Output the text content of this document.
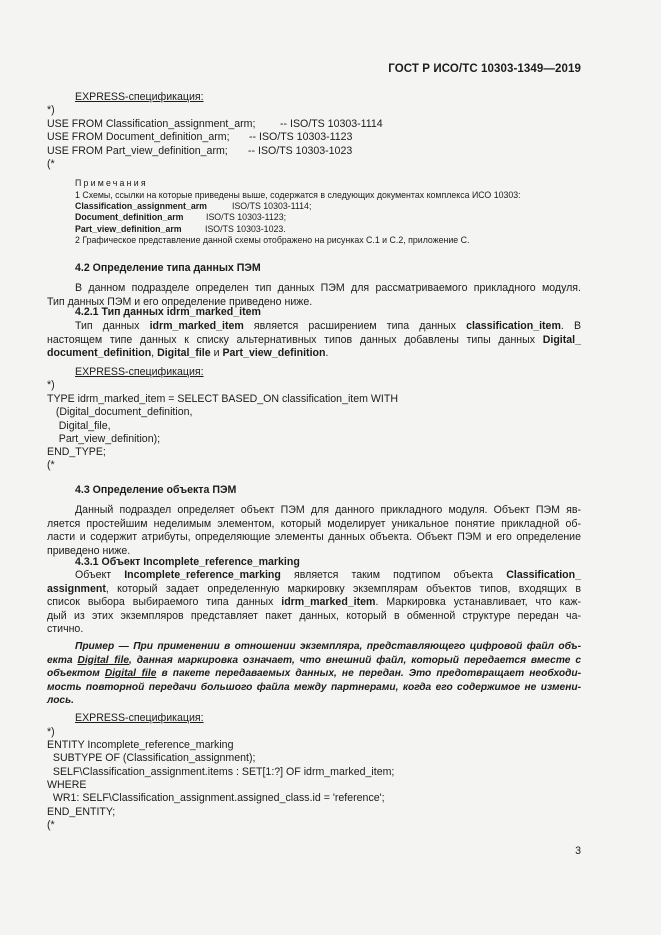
ГОСТ Р ИСО/ТС 10303-1349—2019
EXPRESS-спецификация:
*)
USE FROM Classification_assignment_arm; -- ISO/TS 10303-1114
USE FROM Document_definition_arm; -- ISO/TS 10303-1123
USE FROM Part_view_definition_arm; -- ISO/TS 10303-1023
(*
Примечания
1 Схемы, ссылки на которые приведены выше, содержатся в следующих документах комплекса ИСО 10303:
Classification_assignment_arm	ISO/TS 10303-1114;
Document_definition_arm	ISO/TS 10303-1123;
Part_view_definition_arm	ISO/TS 10303-1023.
2 Графическое представление данной схемы отображено на рисунках C.1 и C.2, приложение C.
4.2 Определение типа данных ПЭМ
В данном подразделе определен тип данных ПЭМ для рассматриваемого прикладного модуля.
Тип данных ПЭМ и его определение приведено ниже.
4.2.1 Тип данных idrm_marked_item
Тип данных idrm_marked_item является расширением типа данных classification_item. В
настоящем типе данных к списку альтернативных типов данных добавлены типы данных Digital_
document_definition, Digital_file и Part_view_definition.
EXPRESS-спецификация:
*)
TYPE idrm_marked_item = SELECT BASED_ON classification_item WITH
(Digital_document_definition,
Digital_file,
Part_view_definition);
END_TYPE;
(*
4.3 Определение объекта ПЭМ
Данный подраздел определяет объект ПЭМ для данного прикладного модуля. Объект ПЭМ яв-
ляется простейшим неделимым элементом, который моделирует уникальное понятие прикладной об-
ласти и содержит атрибуты, определяющие элементы данных объекта. Объект ПЭМ и его определение
приведено ниже.
4.3.1 Объект Incomplete_reference_marking
Объект Incomplete_reference_marking является таким подтипом объекта Classification_
assignment, который задает определенную маркировку экземплярам объектов типов, входящих в
список выбора выбираемого типа данных idrm_marked_item. Маркировка устанавливает, что каж-
дый из этих экземпляров представляет пакет данных, который в обменной структуре передан ча-
стично.
Пример — При применении в отношении экземпляра, представляющего цифровой файл объ-
екта Digital_file, данная маркировка означает, что внешний файл, который передается вместе с
объектом Digital_file в пакете передаваемых данных, не передан. Это предотвращает необходи-
мость повторной передачи большого файла между партнерами, когда его содержимое не измени-
лось.
EXPRESS-спецификация:
*)
ENTITY Incomplete_reference_marking
SUBTYPE OF (Classification_assignment);
SELF\Classification_assignment.items : SET[1:?] OF idrm_marked_item;
WHERE
WR1: SELF\Classification_assignment.assigned_class.id = 'reference';
END_ENTITY;
(*
3
